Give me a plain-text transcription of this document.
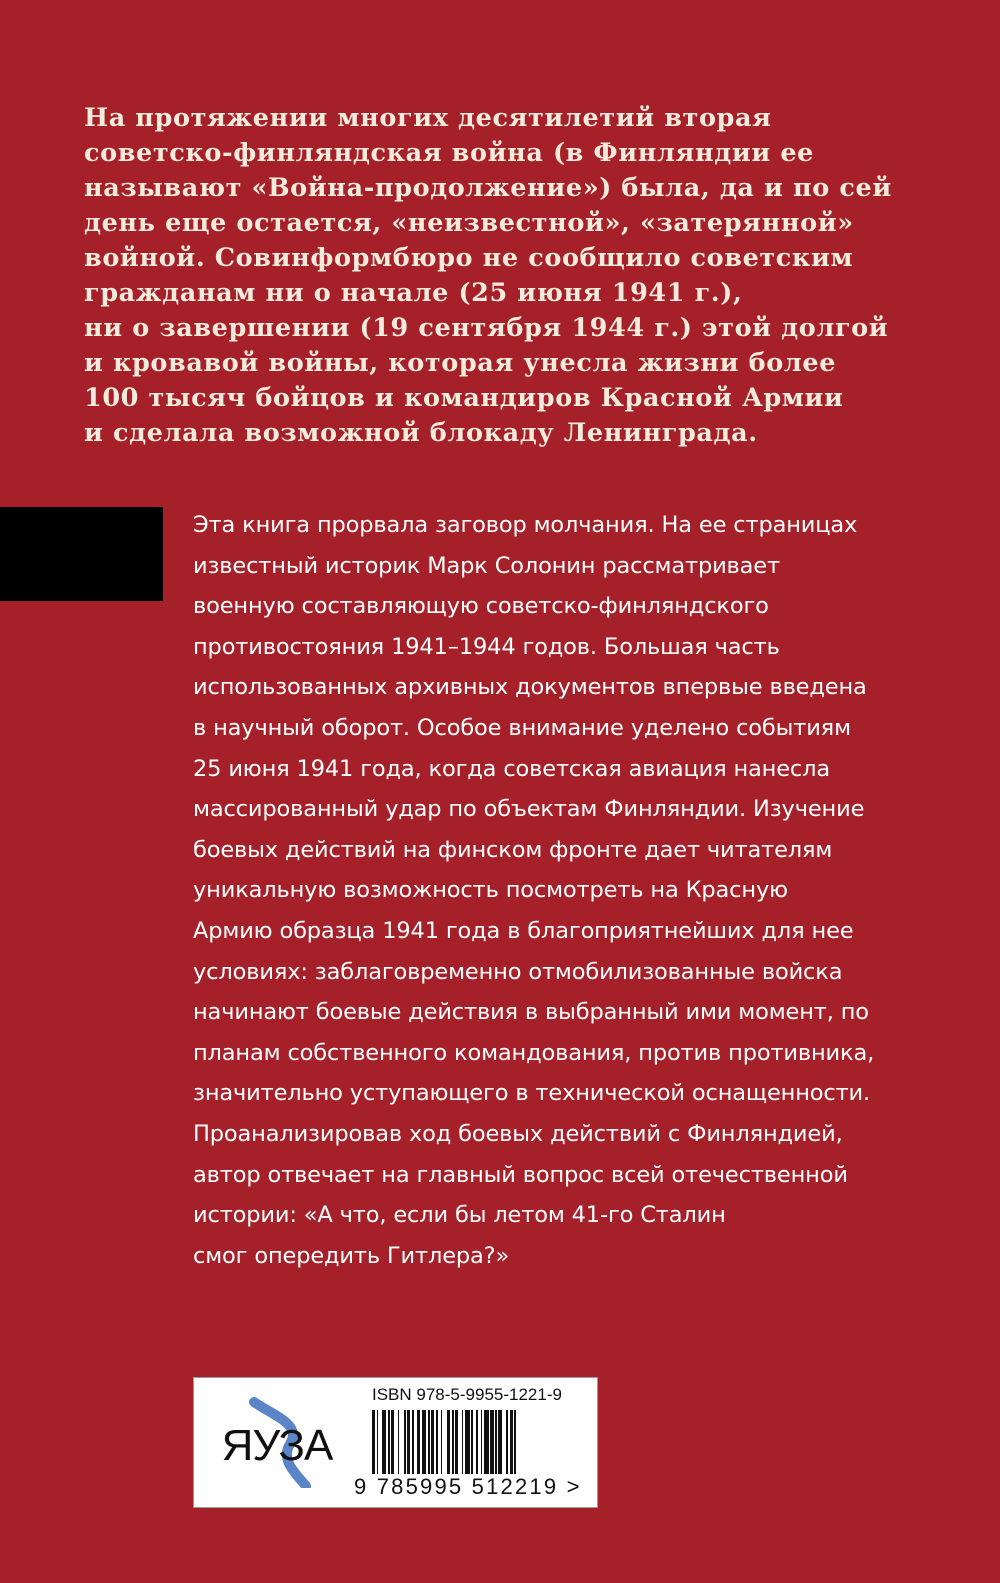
На протяжении многих десятилетий вторая
советско-финляндская война (в Финляндии ее
называют «Война-продолжение») была, да и по сей
день еще остается, «неизвестной», «затерянной»
войной. Совинформбюро не сообщило советским
гражданам ни о начале (25 июня 1941 г.),
ни о завершении (19 сентября 1944 г.) этой долгой
и кровавой войны, которая унесла жизни более
100 тысяч бойцов и командиров Красной Армии
и сделала возможной блокаду Ленинграда.
Эта книга прорвала заговор молчания. На ее страницах
известный историк Марк Солонин рассматривает
военную составляющую советско-финляндского
противостояния 1941–1944 годов. Большая часть
использованных архивных документов впервые введена
в научный оборот. Особое внимание уделено событиям
25 июня 1941 года, когда советская авиация нанесла
массированный удар по объектам Финляндии. Изучение
боевых действий на финском фронте дает читателям
уникальную возможность посмотреть на Красную
Армию образца 1941 года в благоприятнейших для нее
условиях: заблаговременно отмобилизованные войска
начинают боевые действия в выбранный ими момент, по
планам собственного командования, против противника,
значительно уступающего в технической оснащенности.
Проанализировав ход боевых действий с Финляндией,
автор отвечает на главный вопрос всей отечественной
истории: «А что, если бы летом 41-го Сталин
смог опередить Гитлера?»
ЯУЗА
ISBN 978-5-9955-1221-9
9 785995 512219 >
